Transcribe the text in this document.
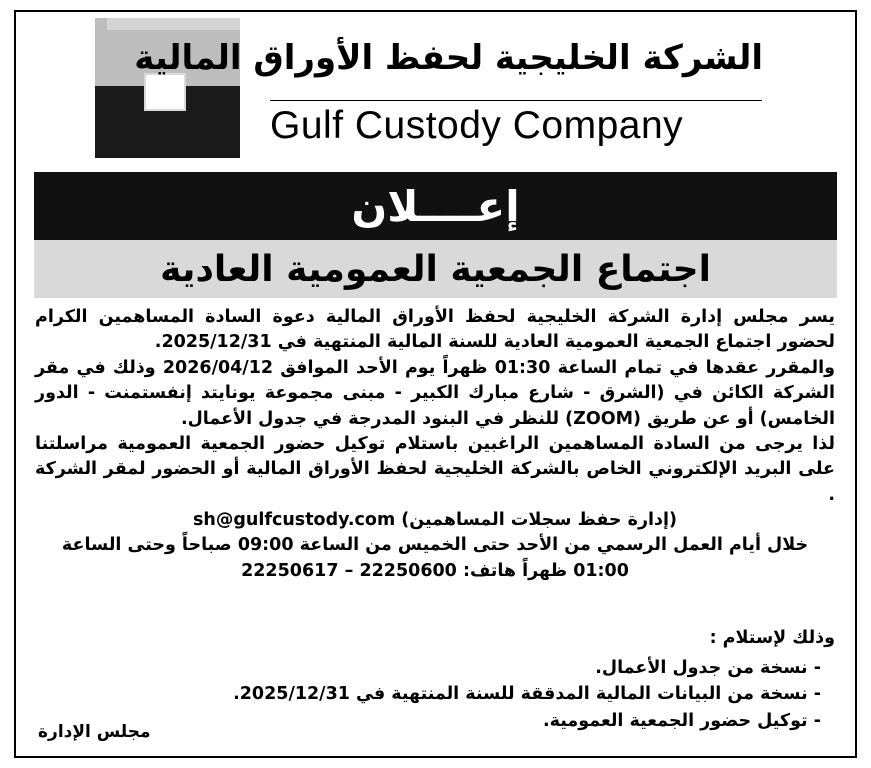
الشركة الخليجية لحفظ الأوراق المالية
Gulf Custody Company
إعــــلان
اجتماع الجمعية العمومية العادية

يسر مجلس إدارة الشركة الخليجية لحفظ الأوراق المالية دعوة السادة المساهمين الكرام لحضور اجتماع الجمعية العمومية العادية للسنة المالية المنتهية في 2025/12/31.

والمقرر عقدها في تمام الساعة 01:30 ظهراً يوم الأحد الموافق 2026/04/12 وذلك في مقر الشركة الكائن في (الشرق - شارع مبارك الكبير - مبنى مجموعة يونايتد إنفستمنت - الدور الخامس) أو عن طريق (ZOOM) للنظر في البنود المدرجة في جدول الأعمال.

لذا يرجى من السادة المساهمين الراغبين باستلام توكيل حضور الجمعية العمومية مراسلتنا على البريد الإلكتروني الخاص بالشركة الخليجية لحفظ الأوراق المالية أو الحضور لمقر الشركة .

(إدارة حفظ سجلات المساهمين) sh@gulfcustody.com

خلال أيام العمل الرسمي من الأحد حتى الخميس من الساعة 09:00 صباحاً وحتى الساعة 01:00 ظهراً هاتف: 22250600 – 22250617

وذلك لإستلام :
- نسخة من جدول الأعمال.
- نسخة من البيانات المالية المدققة للسنة المنتهية في 2025/12/31.
- توكيل حضور الجمعية العمومية.
مجلس الإدارة
